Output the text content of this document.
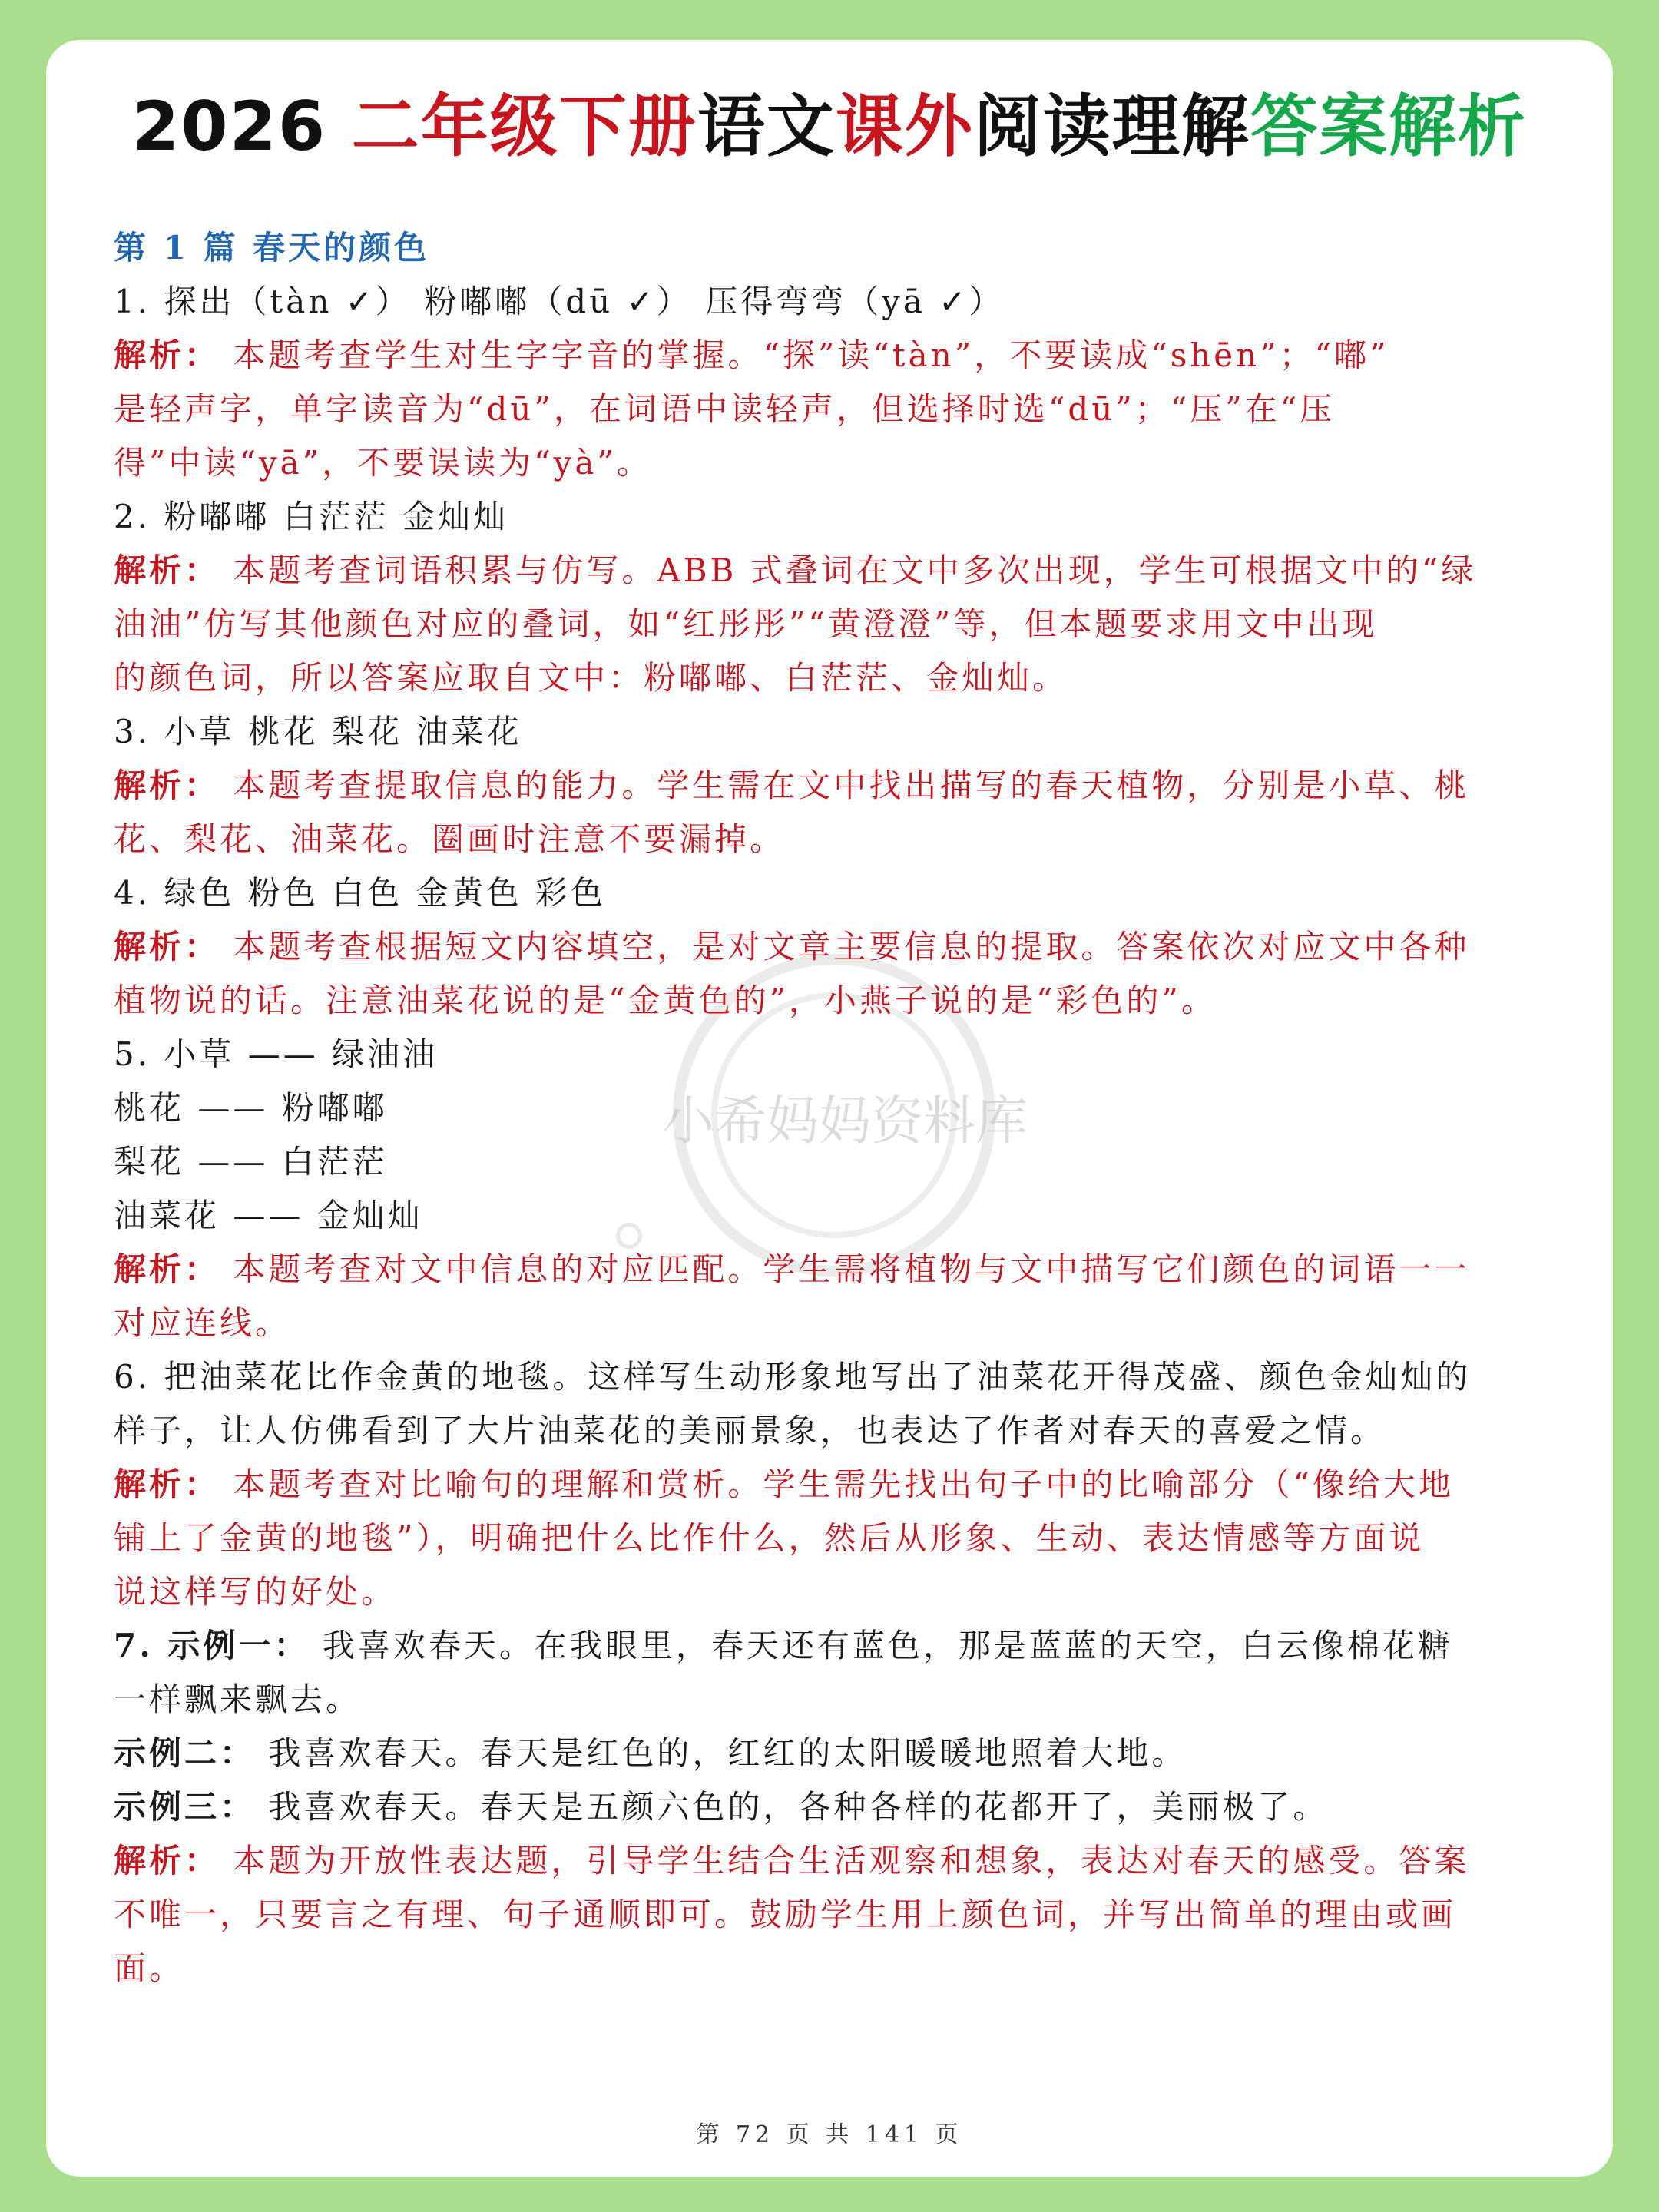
2026 二年级下册语文课外阅读理解答案解析
小希妈妈资料库
第 1 篇 春天的颜色
1. 探出（tàn ✓） 粉嘟嘟（dū ✓） 压得弯弯（yā ✓）
解析： 本题考查学生对生字字音的掌握。“探”读“tàn”，不要读成“shēn”；“嘟”
是轻声字，单字读音为“dū”，在词语中读轻声，但选择时选“dū”；“压”在“压
得”中读“yā”，不要误读为“yà”。
2. 粉嘟嘟 白茫茫 金灿灿
解析： 本题考查词语积累与仿写。ABB 式叠词在文中多次出现，学生可根据文中的“绿
油油”仿写其他颜色对应的叠词，如“红彤彤”“黄澄澄”等，但本题要求用文中出现
的颜色词，所以答案应取自文中：粉嘟嘟、白茫茫、金灿灿。
3. 小草 桃花 梨花 油菜花
解析： 本题考查提取信息的能力。学生需在文中找出描写的春天植物，分别是小草、桃
花、梨花、油菜花。圈画时注意不要漏掉。
4. 绿色 粉色 白色 金黄色 彩色
解析： 本题考查根据短文内容填空，是对文章主要信息的提取。答案依次对应文中各种
植物说的话。注意油菜花说的是“金黄色的”，小燕子说的是“彩色的”。
5. 小草 —— 绿油油
桃花 —— 粉嘟嘟
梨花 —— 白茫茫
油菜花 —— 金灿灿
解析： 本题考查对文中信息的对应匹配。学生需将植物与文中描写它们颜色的词语一一
对应连线。
6. 把油菜花比作金黄的地毯。这样写生动形象地写出了油菜花开得茂盛、颜色金灿灿的
样子，让人仿佛看到了大片油菜花的美丽景象，也表达了作者对春天的喜爱之情。
解析： 本题考查对比喻句的理解和赏析。学生需先找出句子中的比喻部分（“像给大地
铺上了金黄的地毯”），明确把什么比作什么，然后从形象、生动、表达情感等方面说
说这样写的好处。
7. 示例一： 我喜欢春天。在我眼里，春天还有蓝色，那是蓝蓝的天空，白云像棉花糖
一样飘来飘去。
示例二： 我喜欢春天。春天是红色的，红红的太阳暖暖地照着大地。
示例三： 我喜欢春天。春天是五颜六色的，各种各样的花都开了，美丽极了。
解析： 本题为开放性表达题，引导学生结合生活观察和想象，表达对春天的感受。答案
不唯一，只要言之有理、句子通顺即可。鼓励学生用上颜色词，并写出简单的理由或画
面。
第 72 页 共 141 页
